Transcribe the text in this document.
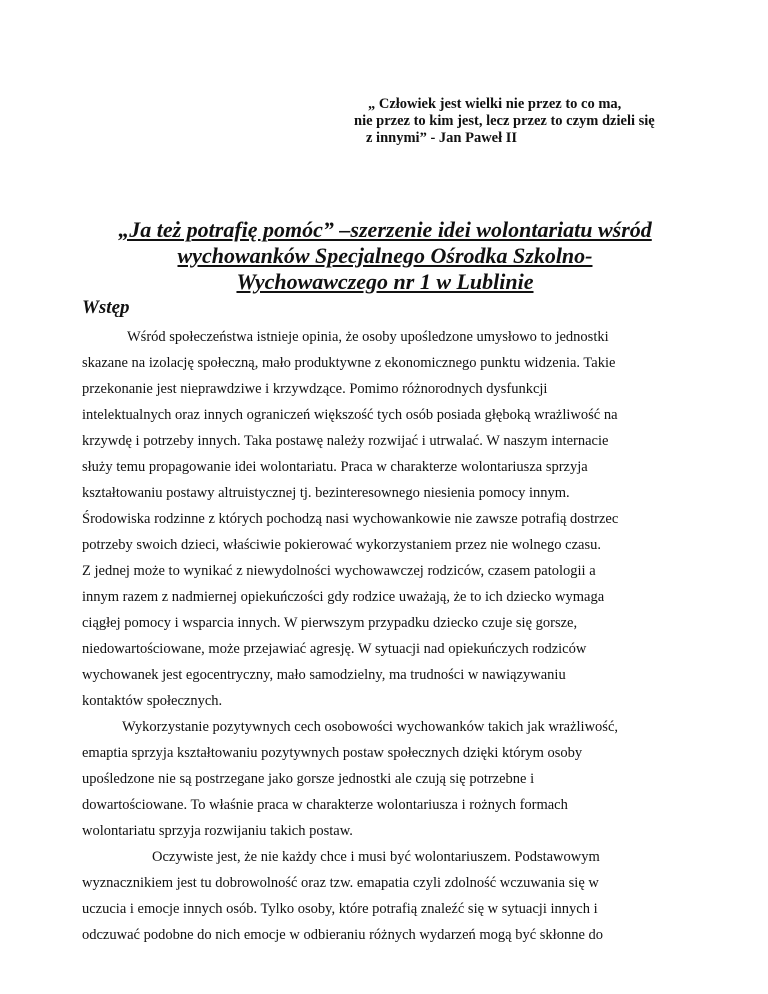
„ Człowiek jest wielki nie przez to co ma,
nie przez to kim jest, lecz przez to czym dzieli się
z innymi” - Jan Paweł II
„Ja też potrafię pomóc” –szerzenie idei wolontariatu wśród
wychowanków Specjalnego Ośrodka Szkolno-
Wychowawczego nr 1 w Lublinie
Wstęp
Wśród społeczeństwa istnieje opinia, że osoby upośledzone umysłowo to jednostki
skazane na izolację społeczną, mało produktywne z ekonomicznego punktu widzenia. Takie
przekonanie jest nieprawdziwe i krzywdzące. Pomimo różnorodnych dysfunkcji
intelektualnych oraz innych ograniczeń większość tych osób posiada głęboką wrażliwość na
krzywdę i potrzeby innych. Taka postawę należy rozwijać i utrwalać. W naszym internacie
służy temu propagowanie idei wolontariatu. Praca w charakterze wolontariusza sprzyja
kształtowaniu postawy altruistycznej tj. bezinteresownego niesienia pomocy innym.
Środowiska rodzinne z których pochodzą nasi wychowankowie nie zawsze potrafią dostrzec
potrzeby swoich dzieci, właściwie pokierować wykorzystaniem przez nie wolnego czasu.
Z jednej może to wynikać z niewydolności wychowawczej rodziców, czasem patologii a
innym razem z nadmiernej opiekuńczości gdy rodzice uważają, że to ich dziecko wymaga
ciągłej pomocy i wsparcia innych. W pierwszym przypadku dziecko czuje się gorsze,
niedowartościowane, może przejawiać agresję. W sytuacji nad opiekuńczych rodziców
wychowanek jest egocentryczny, mało samodzielny, ma trudności w nawiązywaniu
kontaktów społecznych.
Wykorzystanie pozytywnych cech osobowości wychowanków takich jak wrażliwość,
emaptia sprzyja kształtowaniu pozytywnych postaw społecznych dzięki którym osoby
upośledzone nie są postrzegane jako gorsze jednostki ale czują się potrzebne i
dowartościowane. To właśnie praca w charakterze wolontariusza i rożnych formach
wolontariatu sprzyja rozwijaniu takich postaw.
Oczywiste jest, że nie każdy chce i musi być wolontariuszem. Podstawowym
wyznacznikiem jest tu dobrowolność oraz tzw. emapatia czyli zdolność wczuwania się w
uczucia i emocje innych osób. Tylko osoby, które potrafią znaleźć się w sytuacji innych i
odczuwać podobne do nich emocje w odbieraniu różnych wydarzeń mogą być skłonne do
